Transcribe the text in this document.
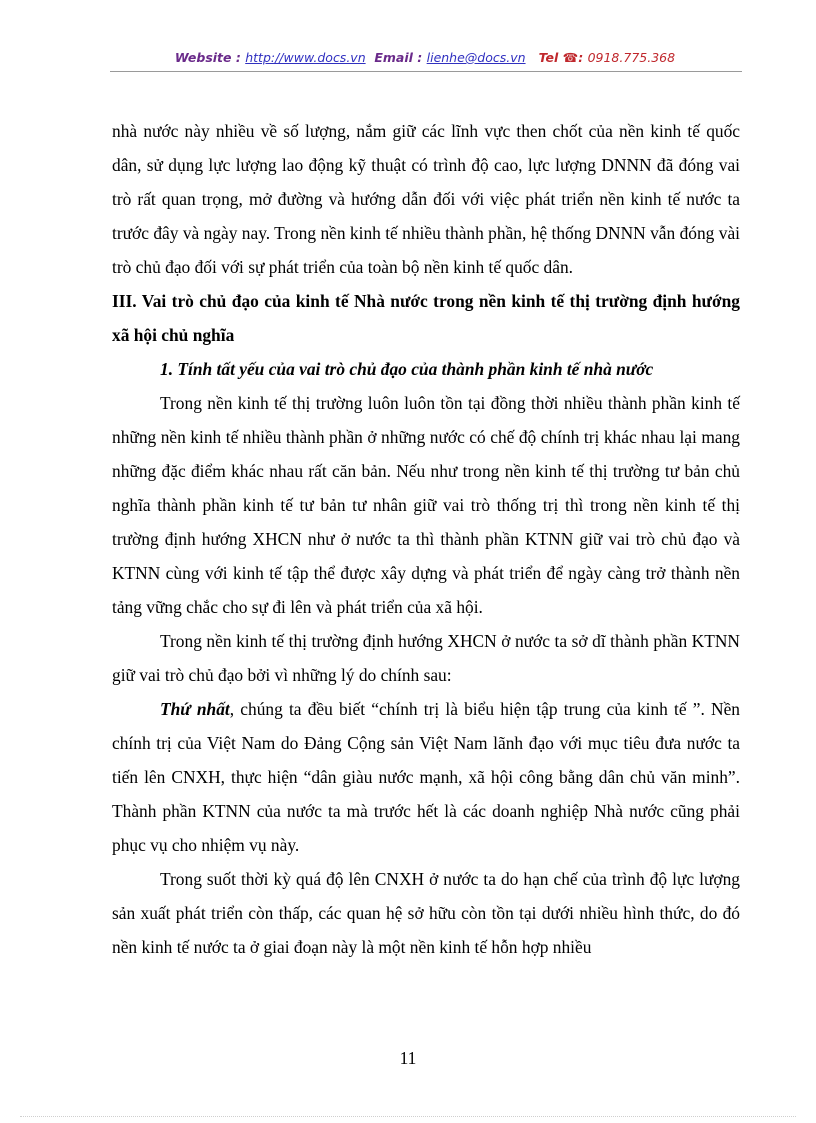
Website : http://www.docs.vn Email : lienhe@docs.vn Tel ☎: 0918.775.368

nhà nước này nhiều về số lượng, nắm giữ các lĩnh vực then chốt của nền kinh tế quốc dân, sử dụng lực lượng lao động kỹ thuật có trình độ cao, lực lượng DNNN đã đóng vai trò rất quan trọng, mở đường và hướng dẫn đối với việc phát triển nền kinh tế nước ta trước đây và ngày nay. Trong nền kinh tế nhiều thành phần, hệ thống DNNN vẫn đóng vài trò chủ đạo đối với sự phát triển của toàn bộ nền kinh tế quốc dân.

III. Vai trò chủ đạo của kinh tế Nhà nước trong nền kinh tế thị trường định hướng xã hội chủ nghĩa
1. Tính tất yếu của vai trò chủ đạo của thành phần kinh tế nhà nước

Trong nền kinh tế thị trường luôn luôn tồn tại đồng thời nhiều thành phần kinh tế những nền kinh tế nhiều thành phần ở những nước có chế độ chính trị khác nhau lại mang những đặc điểm khác nhau rất căn bản. Nếu như trong nền kinh tế thị trường tư bản chủ nghĩa thành phần kinh tế tư bản tư nhân giữ vai trò thống trị thì trong nền kinh tế thị trường định hướng XHCN như ở nước ta thì thành phần KTNN giữ vai trò chủ đạo và KTNN cùng với kinh tế tập thể được xây dựng và phát triển để ngày càng trở thành nền tảng vững chắc cho sự đi lên và phát triển của xã hội.

Trong nền kinh tế thị trường định hướng XHCN ở nước ta sở dĩ thành phần KTNN giữ vai trò chủ đạo bởi vì những lý do chính sau:

Thứ nhất, chúng ta đều biết “chính trị là biểu hiện tập trung của kinh tế ”. Nền chính trị của Việt Nam do Đảng Cộng sản Việt Nam lãnh đạo với mục tiêu đưa nước ta tiến lên CNXH, thực hiện “dân giàu nước mạnh, xã hội công bằng dân chủ văn minh”. Thành phần KTNN của nước ta mà trước hết là các doanh nghiệp Nhà nước cũng phải phục vụ cho nhiệm vụ này.

Trong suốt thời kỳ quá độ lên CNXH ở nước ta do hạn chế của trình độ lực lượng sản xuất phát triển còn thấp, các quan hệ sở hữu còn tồn tại dưới nhiều hình thức, do đó nền kinh tế nước ta ở giai đoạn này là một nền kinh tế hỗn hợp nhiều

11
